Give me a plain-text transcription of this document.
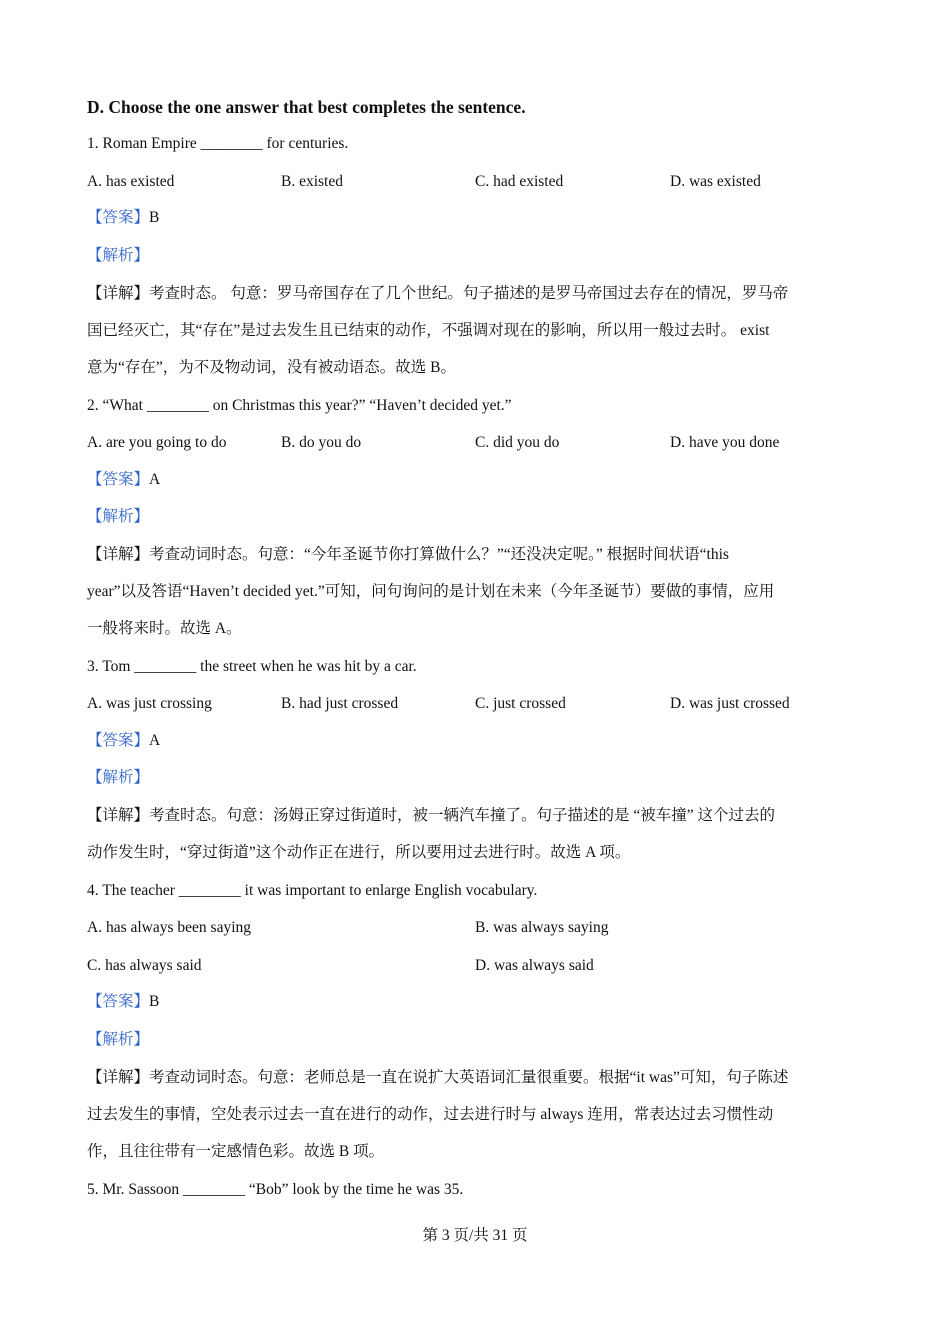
D. Choose the one answer that best completes the sentence.
1. Roman Empire ________ for centuries.
A. has existed	B. existed	C. had existed	D. was existed
【答案】B
【解析】
【详解】考查时态。 句意：罗马帝国存在了几个世纪。句子描述的是罗马帝国过去存在的情况，罗马帝
国已经灭亡，其“存在”是过去发生且已结束的动作，不强调对现在的影响，所以用一般过去时。 exist
意为“存在”，为不及物动词，没有被动语态。故选 B。
2. “What ________ on Christmas this year?” “Haven’t decided yet.”
A. are you going to do	B. do you do	C. did you do	D. have you done
【答案】A
【解析】
【详解】考查动词时态。句意：“今年圣诞节你打算做什么？”“还没决定呢。” 根据时间状语“this
year”以及答语“Haven’t decided yet.”可知，问句询问的是计划在未来（今年圣诞节）要做的事情，应用
一般将来时。故选 A。
3. Tom ________ the street when he was hit by a car.
A. was just crossing	B. had just crossed	C. just crossed	D. was just crossed
【答案】A
【解析】
【详解】考查时态。句意：汤姆正穿过街道时，被一辆汽车撞了。句子描述的是 “被车撞” 这个过去的
动作发生时，“穿过街道”这个动作正在进行，所以要用过去进行时。故选 A 项。
4. The teacher ________ it was important to enlarge English vocabulary.
A. has always been saying	B. was always saying
C. has always said	D. was always said
【答案】B
【解析】
【详解】考查动词时态。句意：老师总是一直在说扩大英语词汇量很重要。根据“it was”可知，句子陈述
过去发生的事情，空处表示过去一直在进行的动作，过去进行时与 always 连用，常表达过去习惯性动
作，且往往带有一定感情色彩。故选 B 项。
5. Mr. Sassoon ________ “Bob” look by the time he was 35.
第 3 页/共 31 页
